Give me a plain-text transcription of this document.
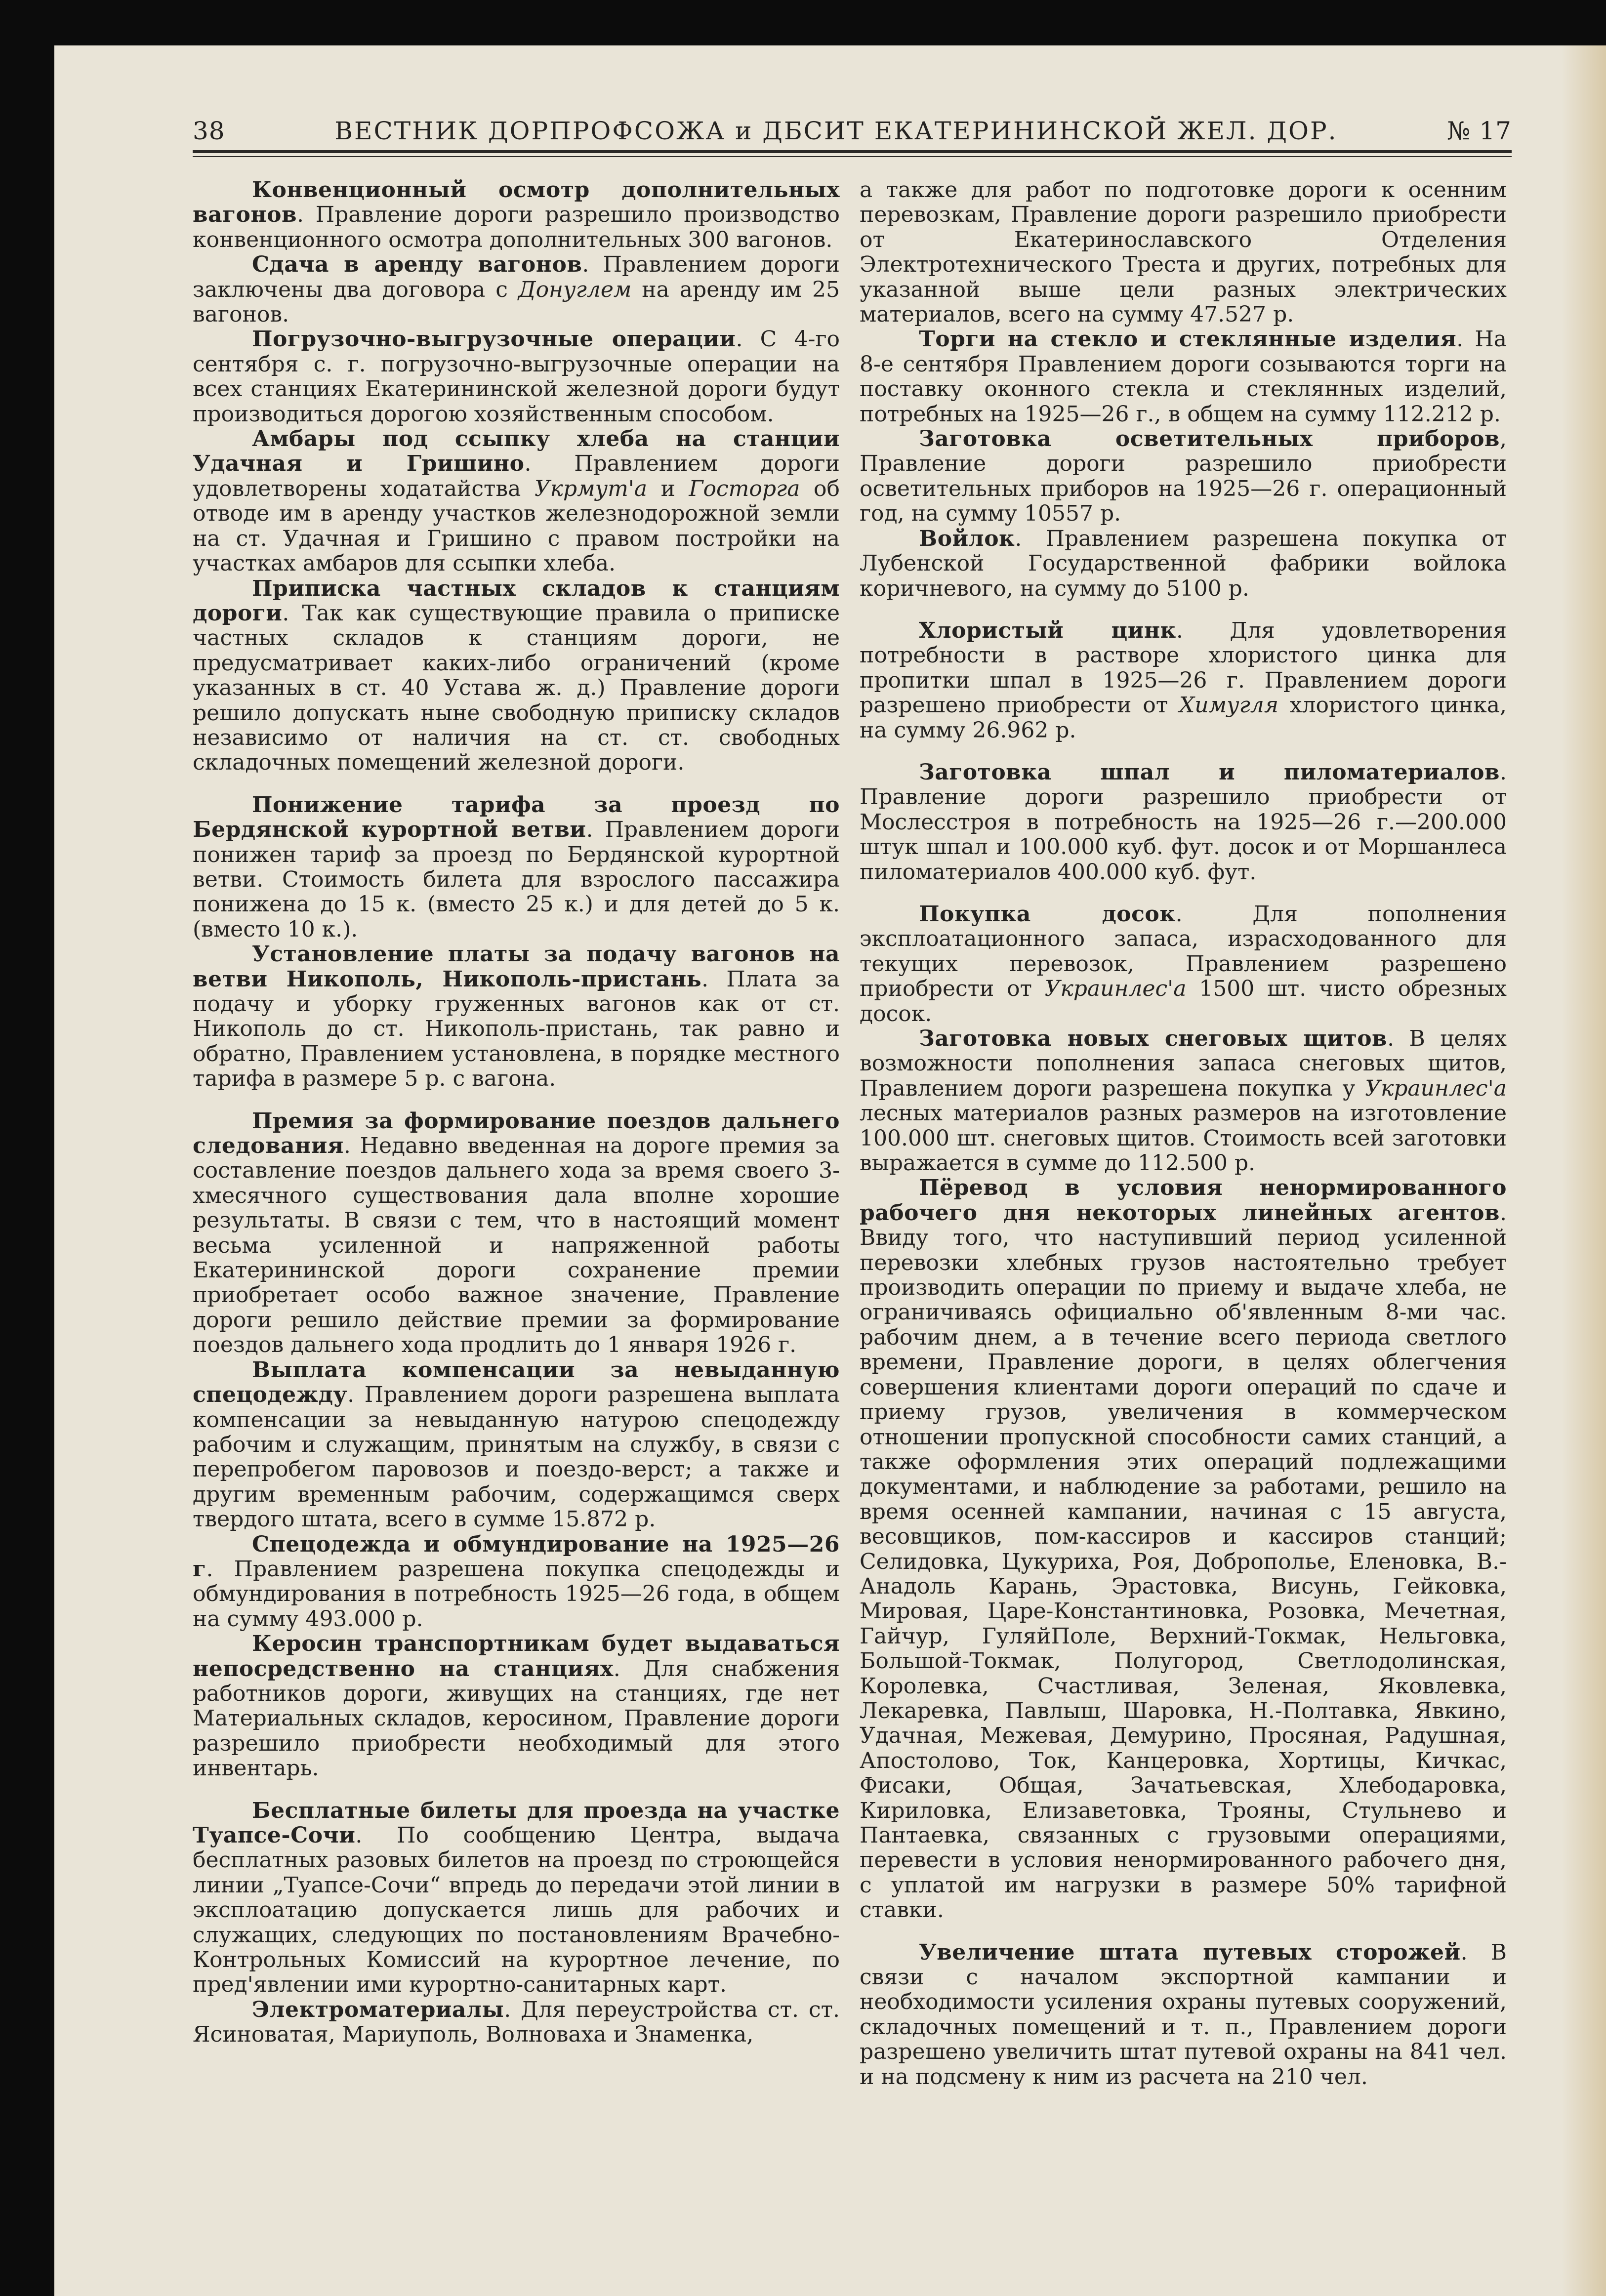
38	ВЕСТНИК ДОРПРОФСОЖА и ДБСИТ ЕКАТЕРИНИНСКОЙ ЖЕЛ. ДОР.	№ 17

Конвенционный осмотр дополнительных вагонов. Правление дороги разрешило производство конвенционного осмотра дополнительных 300 вагонов.

Сдача в аренду вагонов. Правлением дороги заключены два договора с Донуглем на аренду им 25 вагонов.

Погрузочно-выгрузочные операции. С 4-го сентября с. г. погрузочно-выгрузочные операции на всех станциях Екатерининской железной дороги будут производиться дорогою хозяйственным способом.

Амбары под ссыпку хлеба на станции Удачная и Гришино. Правлением дороги удовлетворены ходатайства Укрмут'а и Госторга об отводе им в аренду участков железнодорожной земли на ст. Удачная и Гришино с правом постройки на участках амбаров для ссыпки хлеба.

Приписка частных складов к станциям дороги. Так как существующие правила о приписке частных складов к станциям дороги, не предусматривает каких-либо ограничений (кроме указанных в ст. 40 Устава ж. д.) Правление дороги решило допускать ныне свободную приписку складов независимо от наличия на ст. ст. свободных складочных помещений железной дороги.

Понижение тарифа за проезд по Бердянской курортной ветви. Правлением дороги понижен тариф за проезд по Бердянской курортной ветви. Стоимость билета для взрослого пассажира понижена до 15 к. (вместо 25 к.) и для детей до 5 к. (вместо 10 к.).

Установление платы за подачу вагонов на ветви Никополь, Никополь-пристань. Плата за подачу и уборку груженных вагонов как от ст. Никополь до ст. Никополь-пристань, так равно и обратно, Правлением установлена, в порядке местного тарифа в размере 5 р. с вагона.

Премия за формирование поездов дальнего следования. Недавно введенная на дороге премия за составление поездов дальнего хода за время своего 3-хмесячного существования дала вполне хорошие результаты. В связи с тем, что в настоящий момент весьма усиленной и напряженной работы Екатерининской дороги сохранение премии приобретает особо важное значение, Правление дороги решило действие премии за формирование поездов дальнего хода продлить до 1 января 1926 г.

Выплата компенсации за невыданную спецодежду. Правлением дороги разрешена выплата компенсации за невыданную натурою спецодежду рабочим и служащим, принятым на службу, в связи с перепробегом паровозов и поездо-верст; а также и другим временным рабочим, содержащимся сверх твердого штата, всего в сумме 15.872 р.

Спецодежда и обмундирование на 1925—26 г. Правлением разрешена покупка спецодежды и обмундирования в потребность 1925—26 года, в общем на сумму 493.000 р.

Керосин транспортникам будет выдаваться непосредственно на станциях. Для снабжения работников дороги, живущих на станциях, где нет Материальных складов, керосином, Правление дороги разрешило приобрести необходимый для этого инвентарь.

Бесплатные билеты для проезда на участке Туапсе-Сочи. По сообщению Центра, выдача бесплатных разовых билетов на проезд по строющейся линии „Туапсе-Сочи“ впредь до передачи этой линии в эксплоатацию допускается лишь для рабочих и служащих, следующих по постановлениям Врачебно-Контрольных Комиссий на курортное лечение, по пред'явлении ими курортно-санитарных карт.

Электроматериалы. Для переустройства ст. ст. Ясиноватая, Мариуполь, Волноваха и Знаменка,

а также для работ по подготовке дороги к осенним перевозкам, Правление дороги разрешило приобрести от Екатеринославского Отделения Электротехнического Треста и других, потребных для указанной выше цели разных электрических материалов, всего на сумму 47.527 р.

Торги на стекло и стеклянные изделия. На 8-е сентября Правлением дороги созываются торги на поставку оконного стекла и стеклянных изделий, потребных на 1925—26 г., в общем на сумму 112.212 р.

Заготовка осветительных приборов, Правление дороги разрешило приобрести осветительных приборов на 1925—26 г. операционный год, на сумму 10557 р.

Войлок. Правлением разрешена покупка от Лубенской Государственной фабрики войлока коричневого, на сумму до 5100 р.

Хлористый цинк. Для удовлетворения потребности в растворе хлористого цинка для пропитки шпал в 1925—26 г. Правлением дороги разрешено приобрести от Химугля хлористого цинка, на сумму 26.962 р.

Заготовка шпал и пиломатериалов. Правление дороги разрешило приобрести от Мослесстроя в потребность на 1925—26 г.—200.000 штук шпал и 100.000 куб. фут. досок и от Моршанлеса пиломатериалов 400.000 куб. фут.

Покупка досок. Для пополнения эксплоатационного запаса, израсходованного для текущих перевозок, Правлением разрешено приобрести от Украинлес'а 1500 шт. чисто обрезных досок.

Заготовка новых снеговых щитов. В целях возможности пополнения запаса снеговых щитов, Правлением дороги разрешена покупка у Украинлес'а лесных материалов разных размеров на изготовление 100.000 шт. снеговых щитов. Стоимость всей заготовки выражается в сумме до 112.500 р.

Пёревод в условия ненормированного рабочего дня некоторых линейных агентов. Ввиду того, что наступивший период усиленной перевозки хлебных грузов настоятельно требует производить операции по приему и выдаче хлеба, не ограничиваясь официально об'явленным 8-ми час. рабочим днем, а в течение всего периода светлого времени, Правление дороги, в целях облегчения совершения клиентами дороги операций по сдаче и приему грузов, увеличения в коммерческом отношении пропускной способности самих станций, а также оформления этих операций подлежащими документами, и наблюдение за работами, решило на время осенней кампании, начиная с 15 августа, весовщиков, пом-кассиров и кассиров станций; Селидовка, Цукуриха, Роя, Доброполье, Еленовка, В.-Анадоль Карань, Эрастовка, Висунь, Гейковка, Мировая, Царе-Константиновка, Розовка, Мечетная, Гайчур, ГуляйПоле, Верхний-Токмак, Нельговка, Большой-Токмак, Полугород, Светлодолинская, Королевка, Счастливая, Зеленая, Яковлевка, Лекаревка, Павлыш, Шаровка, Н.-Полтавка, Явкино, Удачная, Межевая, Демурино, Просяная, Радушная, Апостолово, Ток, Канцеровка, Хортицы, Кичкас, Фисаки, Общая, Зачатьевская, Хлебодаровка, Кириловка, Елизаветовка, Трояны, Стульнево и Пантаевка, связанных с грузовыми операциями, перевести в условия ненормированного рабочего дня, с уплатой им нагрузки в размере 50% тарифной ставки.

Увеличение штата путевых сторожей. В связи с началом экспортной кампании и необходимости усиления охраны путевых сооружений, складочных помещений и т. п., Правлением дороги разрешено увеличить штат путевой охраны на 841 чел. и на подсмену к ним из расчета на 210 чел.
